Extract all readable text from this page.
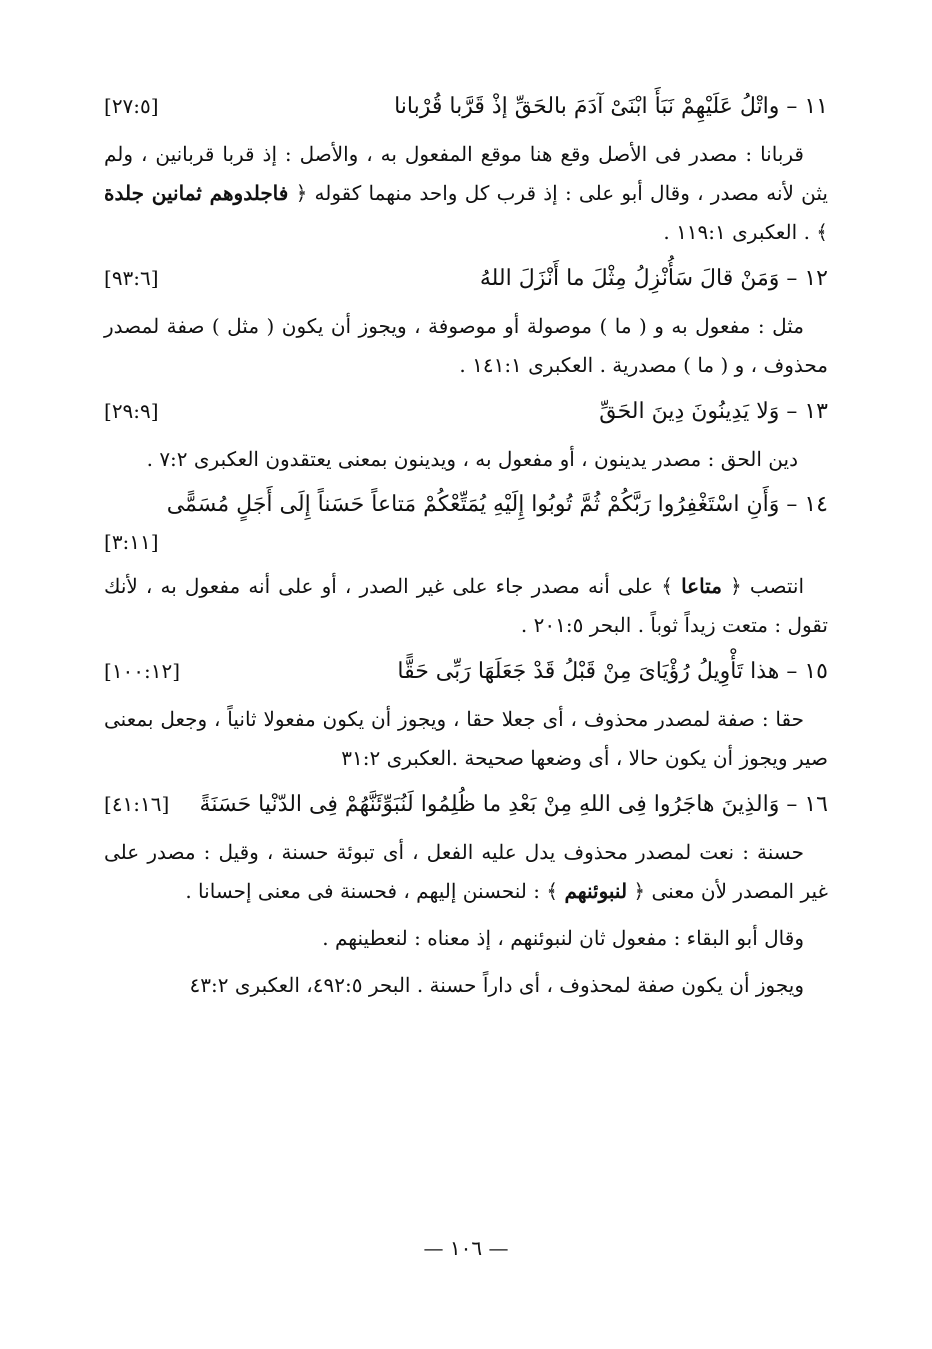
١١ – واتْلُ عَلَيْهِمْ نَبَأَ ابْنَىْ آدَمَ بالحَقِّ إذْ قَرَّبا قُرْبانا
[٢٧:٥]
قربانا : مصدر فى الأصل وقع هنا موقع المفعول به ، والأصل : إذ قربا قربانين ، ولم يثن لأنه مصدر ، وقال أبو على : إذ قرب كل واحد منهما كقوله ﴿ فاجلدوهم ثمانين جلدة ﴾ . العكبرى ١١٩:١ .
١٢ – وَمَنْ قالَ سَأُنْزِلُ مِثْلَ ما أَنْزَلَ اللهُ
[٩٣:٦]
مثل : مفعول به و ( ما ) موصولة أو موصوفة ، ويجوز أن يكون ( مثل ) صفة لمصدر محذوف ، و ( ما ) مصدرية . العكبرى ١٤١:١ .
١٣ – وَلا يَدِينُونَ دِينَ الحَقِّ
[٢٩:٩]
دين الحق : مصدر يدينون ، أو مفعول به ، ويدينون بمعنى يعتقدون العكبرى ٧:٢ .
١٤ – وَأَنِ اسْتَغْفِرُوا رَبَّكُمْ ثُمَّ تُوبُوا إِلَيْهِ يُمَتِّعْكُمْ مَتاعاً حَسَناً إِلَى أَجَلٍ مُسَمًّى
[٣:١١]
انتصب ﴿ متاعا ﴾ على أنه مصدر جاء على غير الصدر ، أو على أنه مفعول به ، لأنك تقول : متعت زيداً ثوباً . البحر ٢٠١:٥ .
١٥ – هذا تَأْوِيلُ رُؤْيَاىَ مِنْ قَبْلُ قَدْ جَعَلَهَا رَبِّى حَقًّا
[١٠٠:١٢]
حقا : صفة لمصدر محذوف ، أى جعلا حقا ، ويجوز أن يكون مفعولا ثانياً ، وجعل بمعنى صير ويجوز أن يكون حالا ، أى وضعها صحيحة .العكبرى ٣١:٢
١٦ – وَالذِينَ هاجَرُوا فِى اللهِ مِنْ بَعْدِ ما ظُلِمُوا لَنُبَوِّئَنَّهُمْ فِى الدّنْيا حَسَنَةً
[٤١:١٦]
حسنة : نعت لمصدر محذوف يدل عليه الفعل ، أى تبوئة حسنة ، وقيل : مصدر على غير المصدر لأن معنى ﴿ لنبوئنهم ﴾ : لنحسنن إليهم ، فحسنة فى معنى إحسانا .
وقال أبو البقاء : مفعول ثان لنبوئنهم ، إذ معناه : لنعطينهم .
ويجوز أن يكون صفة لمحذوف ، أى داراً حسنة . البحر ٤٩٢:٥، العكبرى ٤٣:٢
— ١٠٦ —
